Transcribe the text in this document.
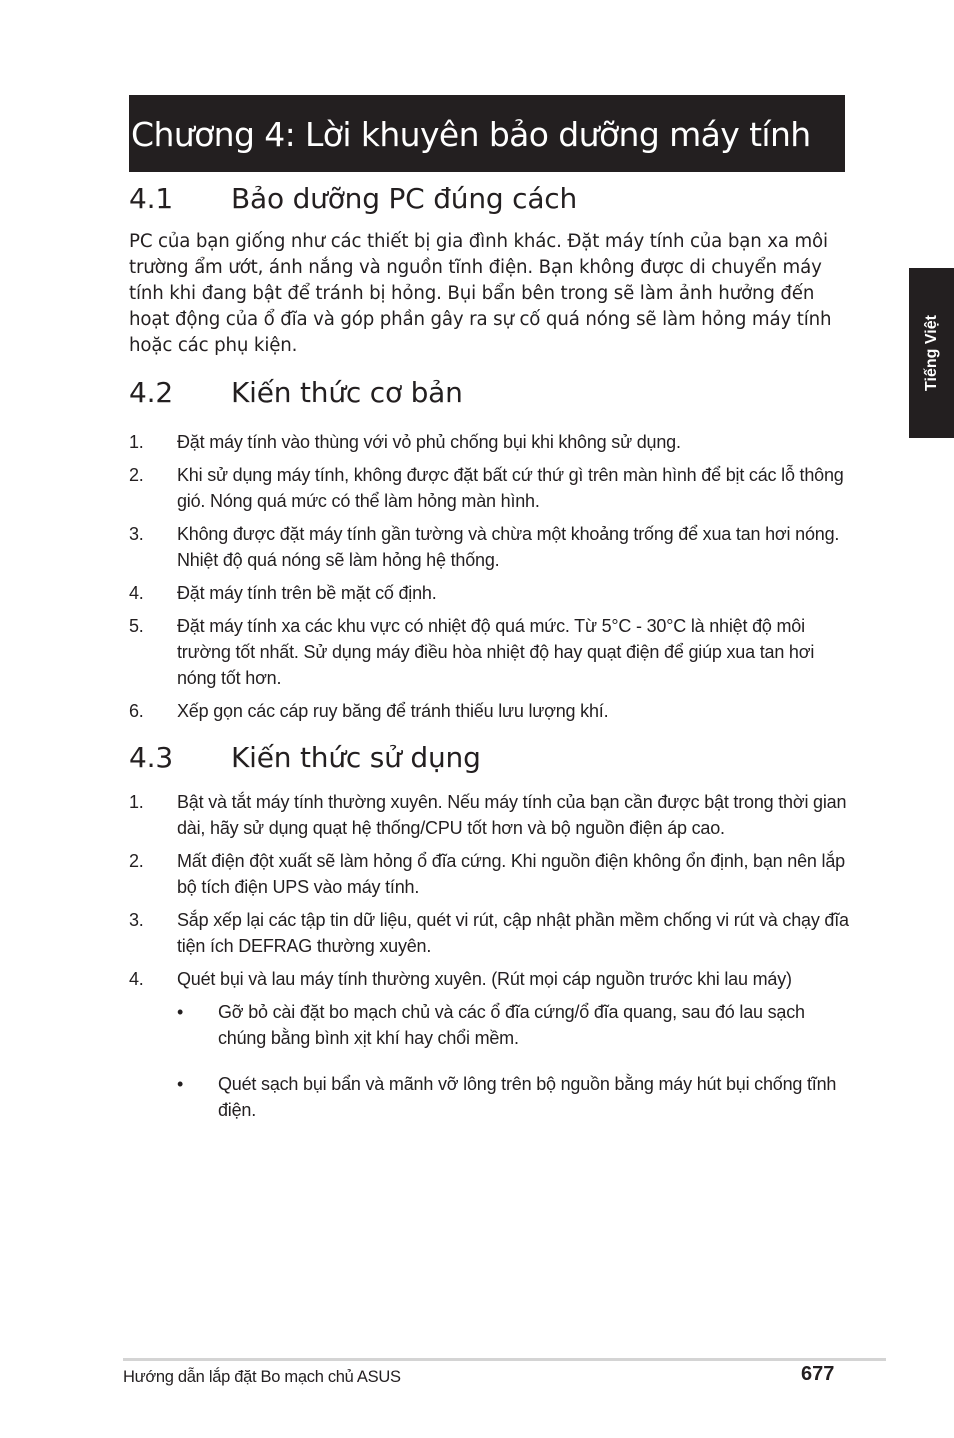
Chương 4: Lời khuyên bảo dưỡng máy tính
4.1 Bảo dưỡng PC đúng cách

PC của bạn giống như các thiết bị gia đình khác. Đặt máy tính của bạn xa môi trường ẩm ướt, ánh nắng và nguồn tĩnh điện. Bạn không được di chuyển máy tính khi đang bật để tránh bị hỏng. Bụi bẩn bên trong sẽ làm ảnh hưởng đến hoạt động của ổ đĩa và góp phần gây ra sự cố quá nóng sẽ làm hỏng máy tính hoặc các phụ kiện.

4.2 Kiến thức cơ bản
1. Đặt máy tính vào thùng với vỏ phủ chống bụi khi không sử dụng.
2. Khi sử dụng máy tính, không được đặt bất cứ thứ gì trên màn hình để bịt các lỗ thông gió. Nóng quá mức có thể làm hỏng màn hình.
3. Không được đặt máy tính gần tường và chừa một khoảng trống để xua tan hơi nóng. Nhiệt độ quá nóng sẽ làm hỏng hệ thống.
4. Đặt máy tính trên bề mặt cố định.
5. Đặt máy tính xa các khu vực có nhiệt độ quá mức. Từ 5°C - 30°C là nhiệt độ môi trường tốt nhất. Sử dụng máy điều hòa nhiệt độ hay quạt điện để giúp xua tan hơi nóng tốt hơn.
6. Xếp gọn các cáp ruy băng để tránh thiếu lưu lượng khí.
4.3 Kiến thức sử dụng
1. Bật và tắt máy tính thường xuyên. Nếu máy tính của bạn cần được bật trong thời gian dài, hãy sử dụng quạt hệ thống/CPU tốt hơn và bộ nguồn điện áp cao.
2. Mất điện đột xuất sẽ làm hỏng ổ đĩa cứng. Khi nguồn điện không ổn định, bạn nên lắp bộ tích điện UPS vào máy tính.
3. Sắp xếp lại các tập tin dữ liệu, quét vi rút, cập nhật phần mềm chống vi rút và chạy đĩa tiện ích DEFRAG thường xuyên.
4. Quét bụi và lau máy tính thường xuyên. (Rút mọi cáp nguồn trước khi lau máy)
• Gỡ bỏ cài đặt bo mạch chủ và các ổ đĩa cứng/ổ đĩa quang, sau đó lau sạch chúng bằng bình xịt khí hay chổi mềm.
• Quét sạch bụi bẩn và mãnh vỡ lông trên bộ nguồn bằng máy hút bụi chống tĩnh điện.
Tiếng Việt
Hướng dẫn lắp đặt Bo mạch chủ ASUS	677
